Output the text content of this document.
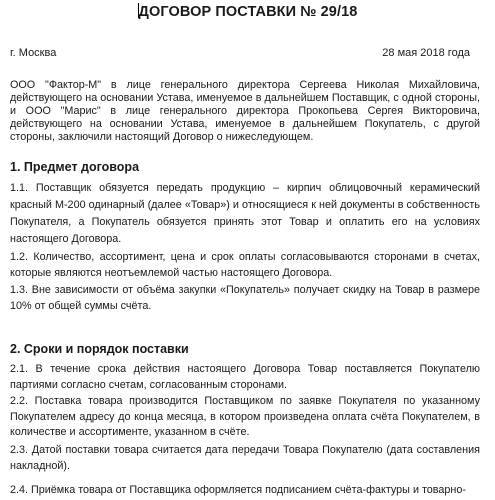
ДОГОВОР ПОСТАВКИ № 29/18
г. Москва	28 мая 2018 года
ООО "Фактор-М" в лице генерального директора Сергеева Николая Михайловича, действующего на основании Устава, именуемое в дальнейшем Поставщик, с одной стороны, и ООО "Марис" в лице генерального директора Прокопьева Сергея Викторовича, действующего на основании Устава, именуемое в дальнейшем Покупатель, с другой стороны, заключили настоящий Договор о нижеследующем.
1. Предмет договора
1.1. Поставщик обязуется передать продукцию – кирпич облицовочный керамический красный М-200 одинарный (далее «Товар») и относящиеся к ней документы в собственность Покупателя, а Покупатель обязуется принять этот Товар и оплатить его на условиях настоящего Договора.
1.2. Количество, ассортимент, цена и срок оплаты согласовываются сторонами в счетах, которые являются неотъемлемой частью настоящего Договора.
1.3. Вне зависимости от объёма закупки «Покупатель» получает скидку на Товар в размере 10% от общей суммы счёта.
2. Сроки и порядок поставки
2.1. В течение срока действия настоящего Договора Товар поставляется Покупателю партиями согласно счетам, согласованным сторонами.
2.2. Поставка товара производится Поставщиком по заявке Покупателя по указанному Покупателем адресу до конца месяца, в котором произведена оплата счёта Покупателем, в количестве и ассортименте, указанном в счёте.
2.3. Датой поставки товара считается дата передачи Товара Покупателю (дата составления накладной).
2.4. Приёмка товара от Поставщика оформляется подписанием счёта-фактуры и товарно-
